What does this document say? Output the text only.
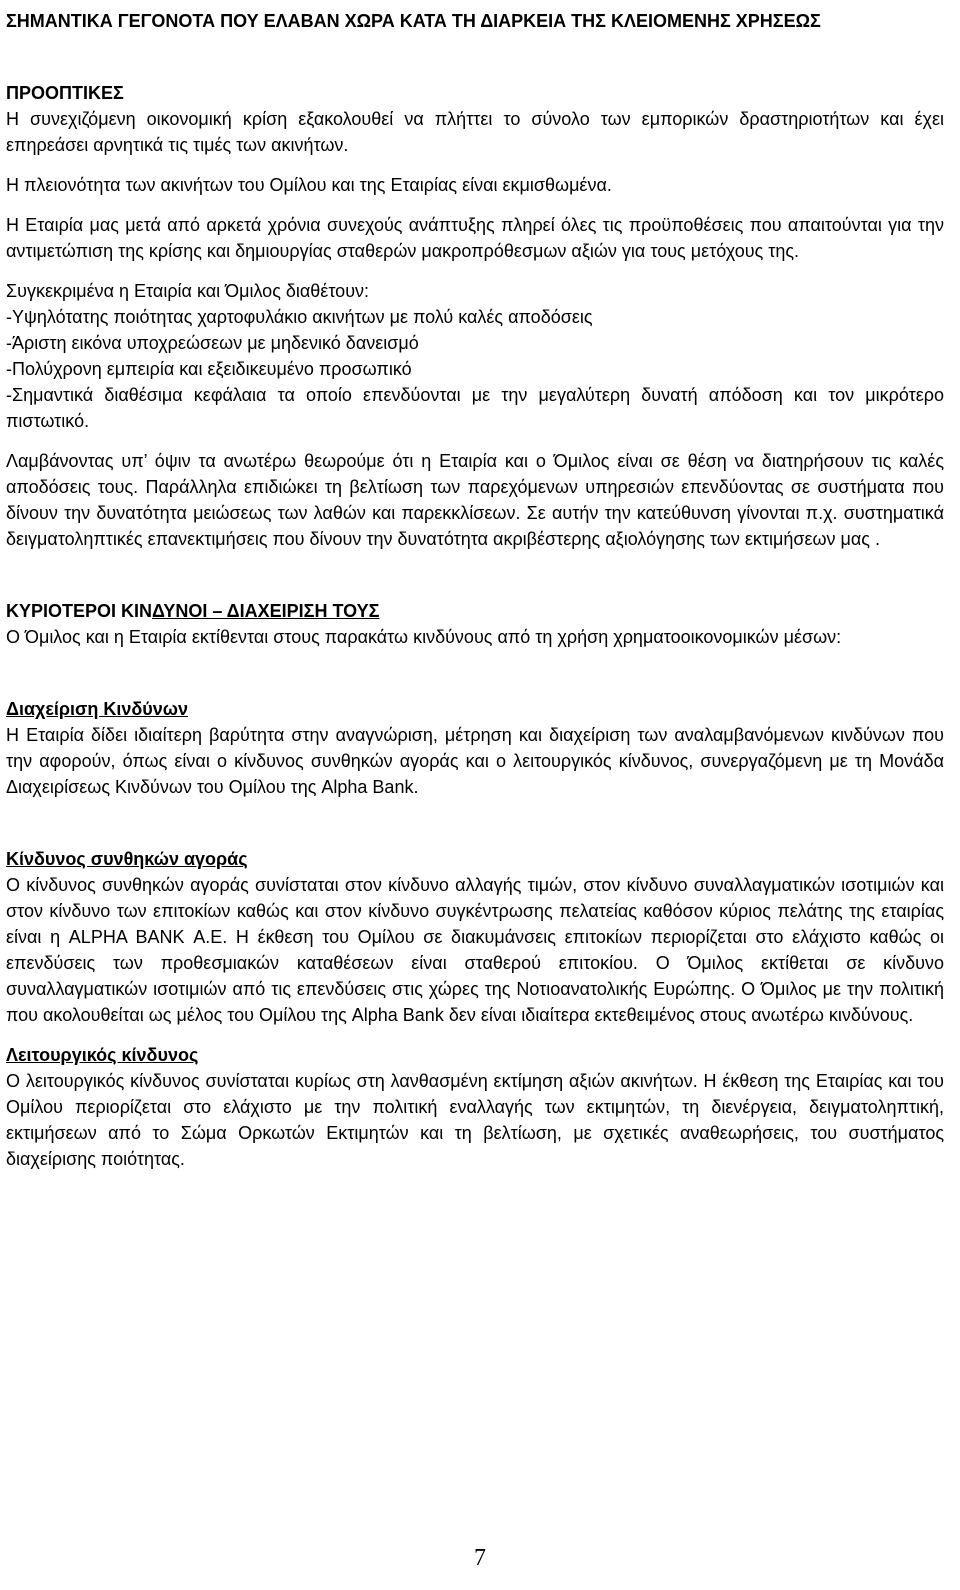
ΣΗΜΑΝΤΙΚΑ ΓΕΓΟΝΟΤΑ ΠΟΥ ΕΛΑΒΑΝ ΧΩΡΑ ΚΑΤΑ ΤΗ ΔΙΑΡΚΕΙΑ ΤΗΣ ΚΛΕΙΟΜΕΝΗΣ ΧΡΗΣΕΩΣ

ΠΡΟΟΠΤΙΚΕΣ

Η συνεχιζόμενη οικονομική κρίση εξακολουθεί να πλήττει το σύνολο των εμπορικών δραστηριοτήτων και έχει επηρεάσει αρνητικά τις τιμές των ακινήτων.

Η πλειονότητα των ακινήτων του Ομίλου και της Εταιρίας είναι εκμισθωμένα.

Η Εταιρία μας μετά από αρκετά χρόνια συνεχούς ανάπτυξης πληρεί όλες τις προϋποθέσεις που απαιτούνται για την αντιμετώπιση της κρίσης και δημιουργίας σταθερών μακροπρόθεσμων αξιών για τους μετόχους της.

Συγκεκριμένα η Εταιρία και Όμιλος διαθέτουν:

-Υψηλότατης ποιότητας χαρτοφυλάκιο ακινήτων με πολύ καλές αποδόσεις

-Άριστη εικόνα υποχρεώσεων με μηδενικό δανεισμό

-Πολύχρονη εμπειρία και εξειδικευμένο προσωπικό

-Σημαντικά διαθέσιμα κεφάλαια τα οποίο επενδύονται με την μεγαλύτερη δυνατή απόδοση και τον μικρότερο πιστωτικό.

Λαμβάνοντας υπ’ όψιν τα ανωτέρω θεωρούμε ότι η Εταιρία και ο Όμιλος είναι σε θέση να διατηρήσουν τις καλές αποδόσεις τους. Παράλληλα επιδιώκει τη βελτίωση των παρεχόμενων υπηρεσιών επενδύοντας σε συστήματα που δίνουν την δυνατότητα μειώσεως των λαθών και παρεκκλίσεων. Σε αυτήν την κατεύθυνση γίνονται π.χ. συστηματικά δειγματοληπτικές επανεκτιμήσεις που δίνουν την δυνατότητα ακριβέστερης αξιολόγησης των εκτιμήσεων μας .

ΚΥΡΙΟΤΕΡΟΙ ΚΙΝΔΥΝΟΙ – ΔΙΑΧΕΙΡΙΣΗ ΤΟΥΣ

Ο Όμιλος και η Εταιρία εκτίθενται στους παρακάτω κινδύνους από τη χρήση χρηματοοικονομικών μέσων:

Διαχείριση Κινδύνων

Η Εταιρία δίδει ιδιαίτερη βαρύτητα στην αναγνώριση, μέτρηση και διαχείριση των αναλαμβανόμενων κινδύνων που την αφορούν, όπως είναι ο κίνδυνος συνθηκών αγοράς και ο λειτουργικός κίνδυνος, συνεργαζόμενη με τη Μονάδα Διαχειρίσεως Κινδύνων του Ομίλου της Alpha Bank.

Κίνδυνος συνθηκών αγοράς

Ο κίνδυνος συνθηκών αγοράς συνίσταται στον κίνδυνο αλλαγής τιμών, στον κίνδυνο συναλλαγματικών ισοτιμιών και στον κίνδυνο των επιτοκίων καθώς και στον κίνδυνο συγκέντρωσης πελατείας καθόσον κύριος πελάτης της εταιρίας είναι η ALPHA BANK Α.Ε. Η έκθεση του Ομίλου σε διακυμάνσεις επιτοκίων περιορίζεται στο ελάχιστο καθώς οι επενδύσεις των προθεσμιακών καταθέσεων είναι σταθερού επιτοκίου. Ο Όμιλος εκτίθεται σε κίνδυνο συναλλαγματικών ισοτιμιών από τις επενδύσεις στις χώρες της Νοτιοανατολικής Ευρώπης. Ο Όμιλος με την πολιτική που ακολουθείται ως μέλος του Ομίλου της Alpha Bank δεν είναι ιδιαίτερα εκτεθειμένος στους ανωτέρω κινδύνους.

Λειτουργικός κίνδυνος

Ο λειτουργικός κίνδυνος συνίσταται κυρίως στη λανθασμένη εκτίμηση αξιών ακινήτων. Η έκθεση της Εταιρίας και του Ομίλου περιορίζεται στο ελάχιστο με την πολιτική εναλλαγής των εκτιμητών, τη διενέργεια, δειγματοληπτική, εκτιμήσεων από το Σώμα Ορκωτών Εκτιμητών και τη βελτίωση, με σχετικές αναθεωρήσεις, του συστήματος διαχείρισης ποιότητας.

7
